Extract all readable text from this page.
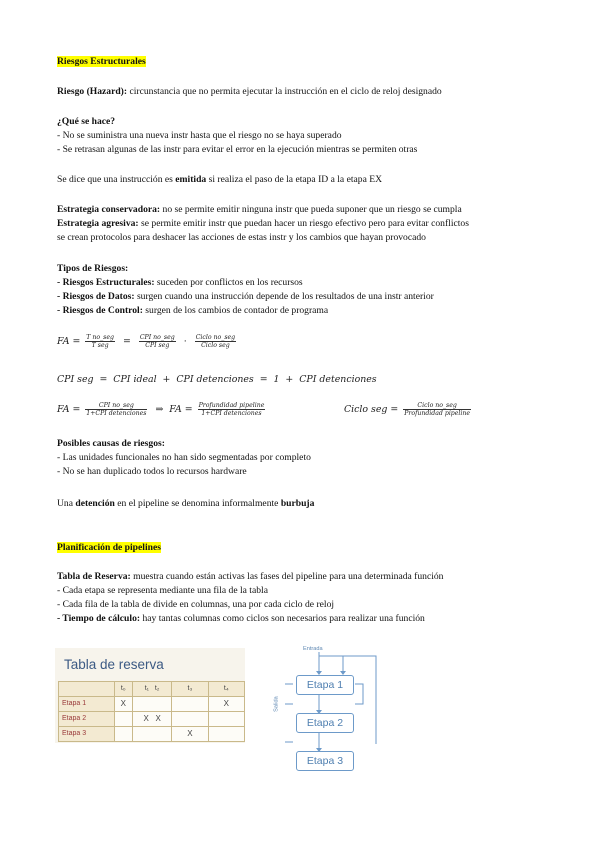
Riesgos Estructurales
Riesgo (Hazard): circunstancia que no permita ejecutar la instrucción en el ciclo de reloj designado
¿Qué se hace?
- No se suministra una nueva instr hasta que el riesgo no se haya superado
- Se retrasan algunas de las instr para evitar el error en la ejecución mientras se permiten otras
Se dice que una instrucción es emitida si realiza el paso de la etapa ID a la etapa EX
Estrategia conservadora: no se permite emitir ninguna instr que pueda suponer que un riesgo se cumpla
Estrategia agresiva: se permite emitir instr que puedan hacer un riesgo efectivo pero para evitar conflictos
se crean protocolos para deshacer las acciones de estas instr y los cambios que hayan provocado
Tipos de Riesgos:
- Riesgos Estructurales: suceden por conflictos en los recursos
- Riesgos de Datos: surgen cuando una instrucción depende de los resultados de una instr anterior
- Riesgos de Control: surgen de los cambios de contador de programa
FA = $\frac{\text{T no\_seg}}{\text{T seg}} = \frac{\text{CPI no\_seg}}{\text{CPI seg}} \cdot \frac{\text{Ciclo no\_seg}}{\text{Ciclo seg}}$
CPI seg  =  CPI ideal  +  CPI detenciones  =  1  +  CPI detenciones
FA = $\frac{\text{CPI no\_seg}}{\text{1+CPI detenciones}}$ ⇒ FA = $\frac{\text{Profundidad pipeline}}{\text{1+CPI detenciones}}$	Ciclo seg = $\frac{\text{Ciclo no\_seg}}{\text{Profundidad pipeline}}$
Posibles causas de riesgos:
- Las unidades funcionales no han sido segmentadas por completo
- No se han duplicado todos lo recursos hardware
Una detención en el pipeline se denomina informalmente burbuja
Planificación de pipelines
Tabla de Reserva: muestra cuando están activas las fases del pipeline para una determinada función
- Cada etapa se representa mediante una fila de la tabla
- Cada fila de la tabla de divide en columnas, una por cada ciclo de reloj
- Tiempo de cálculo: hay tantas columnas como ciclos son necesarios para realizar una función
Tabla de reserva
	t₀	t₁   t₂	t₃	t₄
Etapa 1	X			X
Etapa 2		X   X		
Etapa 3			X	
Entrada
Salida
Etapa 1
Etapa 2
Etapa 3
